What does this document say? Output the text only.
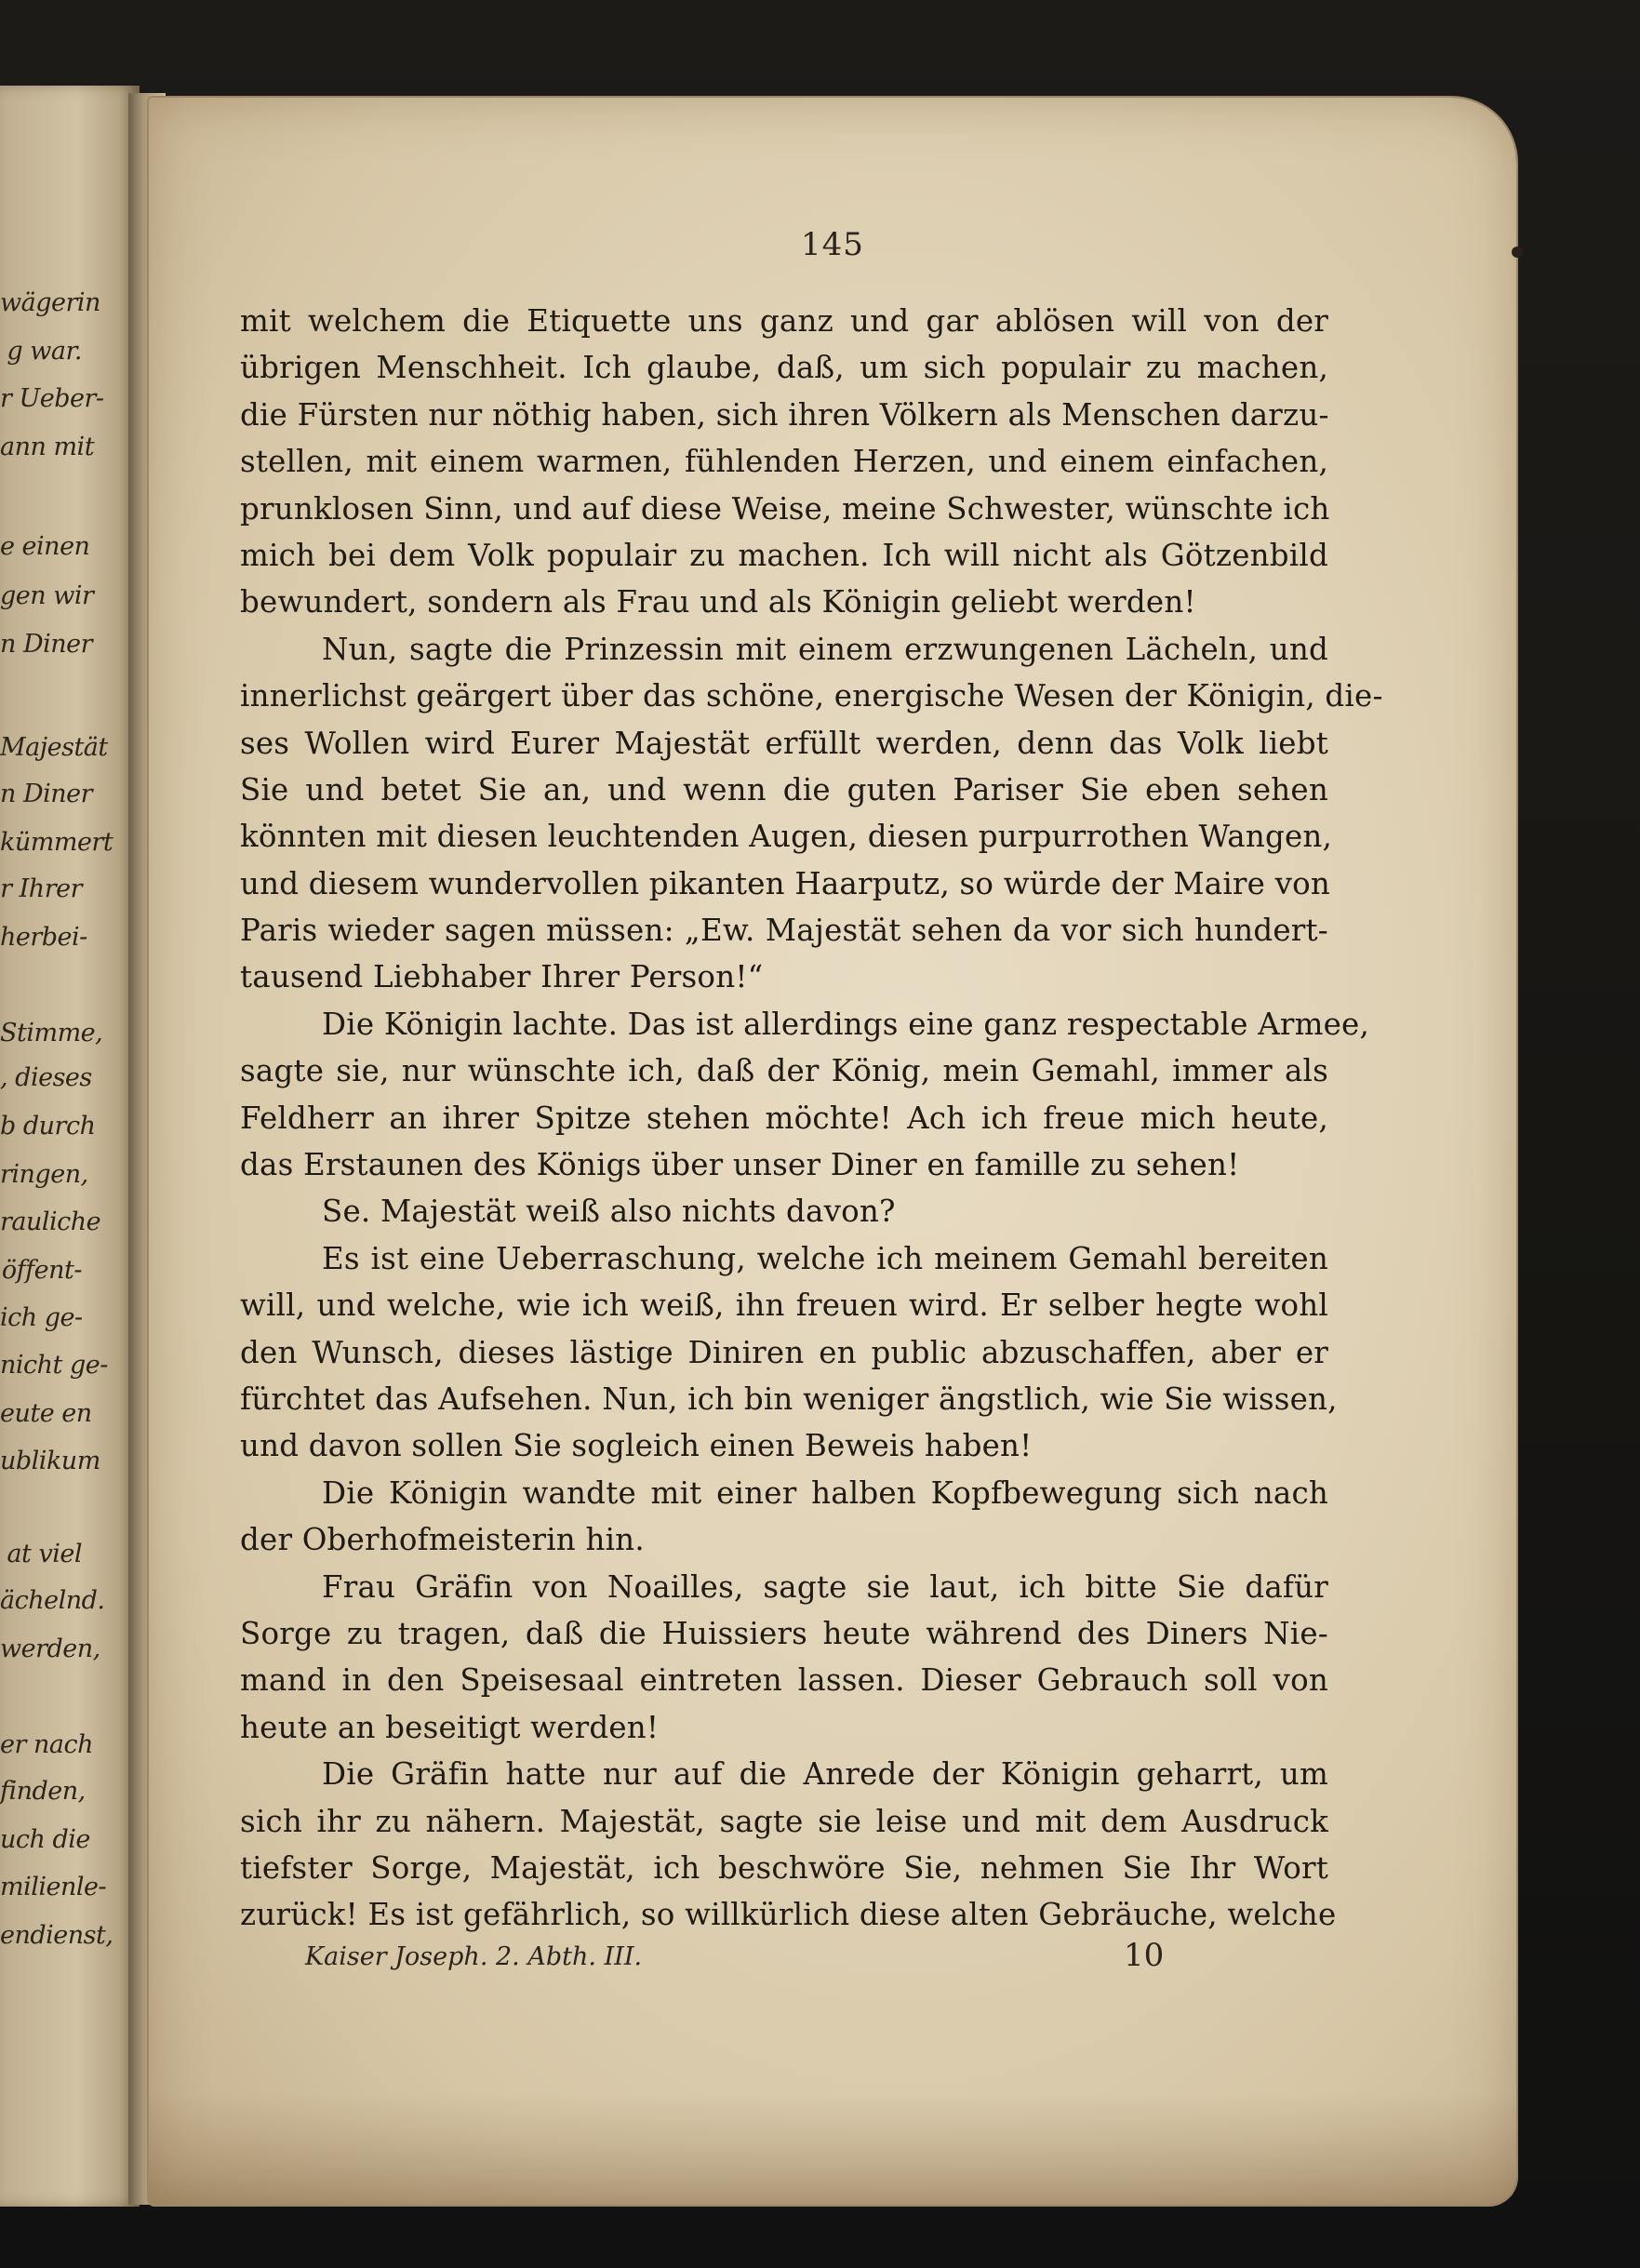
wägerin
g war.
r Ueber-
ann mit
e einen
gen wir
n Diner
Majestät
n Diner
kümmert
r Ihrer
herbei-
Stimme,
, dieses
b durch
ringen,
rauliche
öffent-
ich ge-
nicht ge-
eute en
ublikum
at viel
ächelnd.
werden,
er nach
finden,
uch die
milienle-
endienst,
145
mit welchem die Etiquette uns ganz und gar ablösen will von der
übrigen Menschheit. Ich glaube, daß, um sich populair zu machen,
die Fürsten nur nöthig haben, sich ihren Völkern als Menschen darzu-
stellen, mit einem warmen, fühlenden Herzen, und einem einfachen,
prunklosen Sinn, und auf diese Weise, meine Schwester, wünschte ich
mich bei dem Volk populair zu machen. Ich will nicht als Götzenbild
bewundert, sondern als Frau und als Königin geliebt werden!
Nun, sagte die Prinzessin mit einem erzwungenen Lächeln, und
innerlichst geärgert über das schöne, energische Wesen der Königin, die-
ses Wollen wird Eurer Majestät erfüllt werden, denn das Volk liebt
Sie und betet Sie an, und wenn die guten Pariser Sie eben sehen
könnten mit diesen leuchtenden Augen, diesen purpurrothen Wangen,
und diesem wundervollen pikanten Haarputz, so würde der Maire von
Paris wieder sagen müssen: „Ew. Majestät sehen da vor sich hundert-
tausend Liebhaber Ihrer Person!“
Die Königin lachte. Das ist allerdings eine ganz respectable Armee,
sagte sie, nur wünschte ich, daß der König, mein Gemahl, immer als
Feldherr an ihrer Spitze stehen möchte! Ach ich freue mich heute,
das Erstaunen des Königs über unser Diner en famille zu sehen!
Se. Majestät weiß also nichts davon?
Es ist eine Ueberraschung, welche ich meinem Gemahl bereiten
will, und welche, wie ich weiß, ihn freuen wird. Er selber hegte wohl
den Wunsch, dieses lästige Diniren en public abzuschaffen, aber er
fürchtet das Aufsehen. Nun, ich bin weniger ängstlich, wie Sie wissen,
und davon sollen Sie sogleich einen Beweis haben!
Die Königin wandte mit einer halben Kopfbewegung sich nach
der Oberhofmeisterin hin.
Frau Gräfin von Noailles, sagte sie laut, ich bitte Sie dafür
Sorge zu tragen, daß die Huissiers heute während des Diners Nie-
mand in den Speisesaal eintreten lassen. Dieser Gebrauch soll von
heute an beseitigt werden!
Die Gräfin hatte nur auf die Anrede der Königin geharrt, um
sich ihr zu nähern. Majestät, sagte sie leise und mit dem Ausdruck
tiefster Sorge, Majestät, ich beschwöre Sie, nehmen Sie Ihr Wort
zurück! Es ist gefährlich, so willkürlich diese alten Gebräuche, welche
Kaiser Joseph. 2. Abth. III.	10
